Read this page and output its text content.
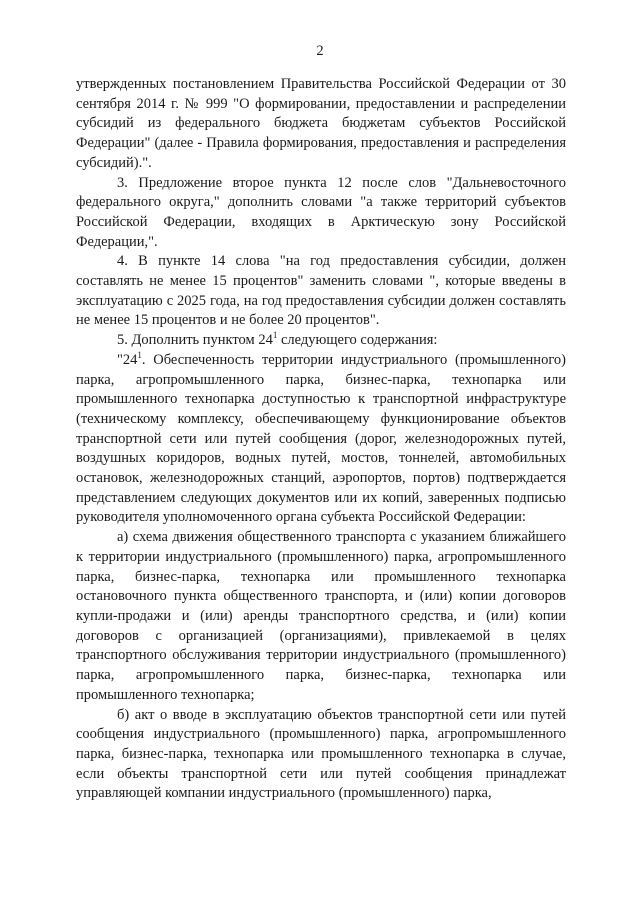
2

утвержденных постановлением Правительства Российской Федерации от 30 сентября 2014 г. № 999 "О формировании, предоставлении и распределении субсидий из федерального бюджета бюджетам субъектов Российской Федерации" (далее - Правила формирования, предоставления и распределения субсидий).".

3. Предложение второе пункта 12 после слов "Дальневосточного федерального округа," дополнить словами "а также территорий субъектов Российской Федерации, входящих в Арктическую зону Российской Федерации,".

4. В пункте 14 слова "на год предоставления субсидии, должен составлять не менее 15 процентов" заменить словами ", которые введены в эксплуатацию с 2025 года, на год предоставления субсидии должен составлять не менее 15 процентов и не более 20 процентов".

5. Дополнить пунктом $24^1$ следующего содержания:

"$24^1$. Обеспеченность территории индустриального (промышленного) парка, агропромышленного парка, бизнес-парка, технопарка или промышленного технопарка доступностью к транспортной инфраструктуре (техническому комплексу, обеспечивающему функционирование объектов транспортной сети или путей сообщения (дорог, железнодорожных путей, воздушных коридоров, водных путей, мостов, тоннелей, автомобильных остановок, железнодорожных станций, аэропортов, портов) подтверждается представлением следующих документов или их копий, заверенных подписью руководителя уполномоченного органа субъекта Российской Федерации:

а) схема движения общественного транспорта с указанием ближайшего к территории индустриального (промышленного) парка, агропромышленного парка, бизнес-парка, технопарка или промышленного технопарка остановочного пункта общественного транспорта, и (или) копии договоров купли-продажи и (или) аренды транспортного средства, и (или) копии договоров с организацией (организациями), привлекаемой в целях транспортного обслуживания территории индустриального (промышленного) парка, агропромышленного парка, бизнес-парка, технопарка или промышленного технопарка;

б) акт о вводе в эксплуатацию объектов транспортной сети или путей сообщения индустриального (промышленного) парка, агропромышленного парка, бизнес-парка, технопарка или промышленного технопарка в случае, если объекты транспортной сети или путей сообщения принадлежат управляющей компании индустриального (промышленного) парка,
